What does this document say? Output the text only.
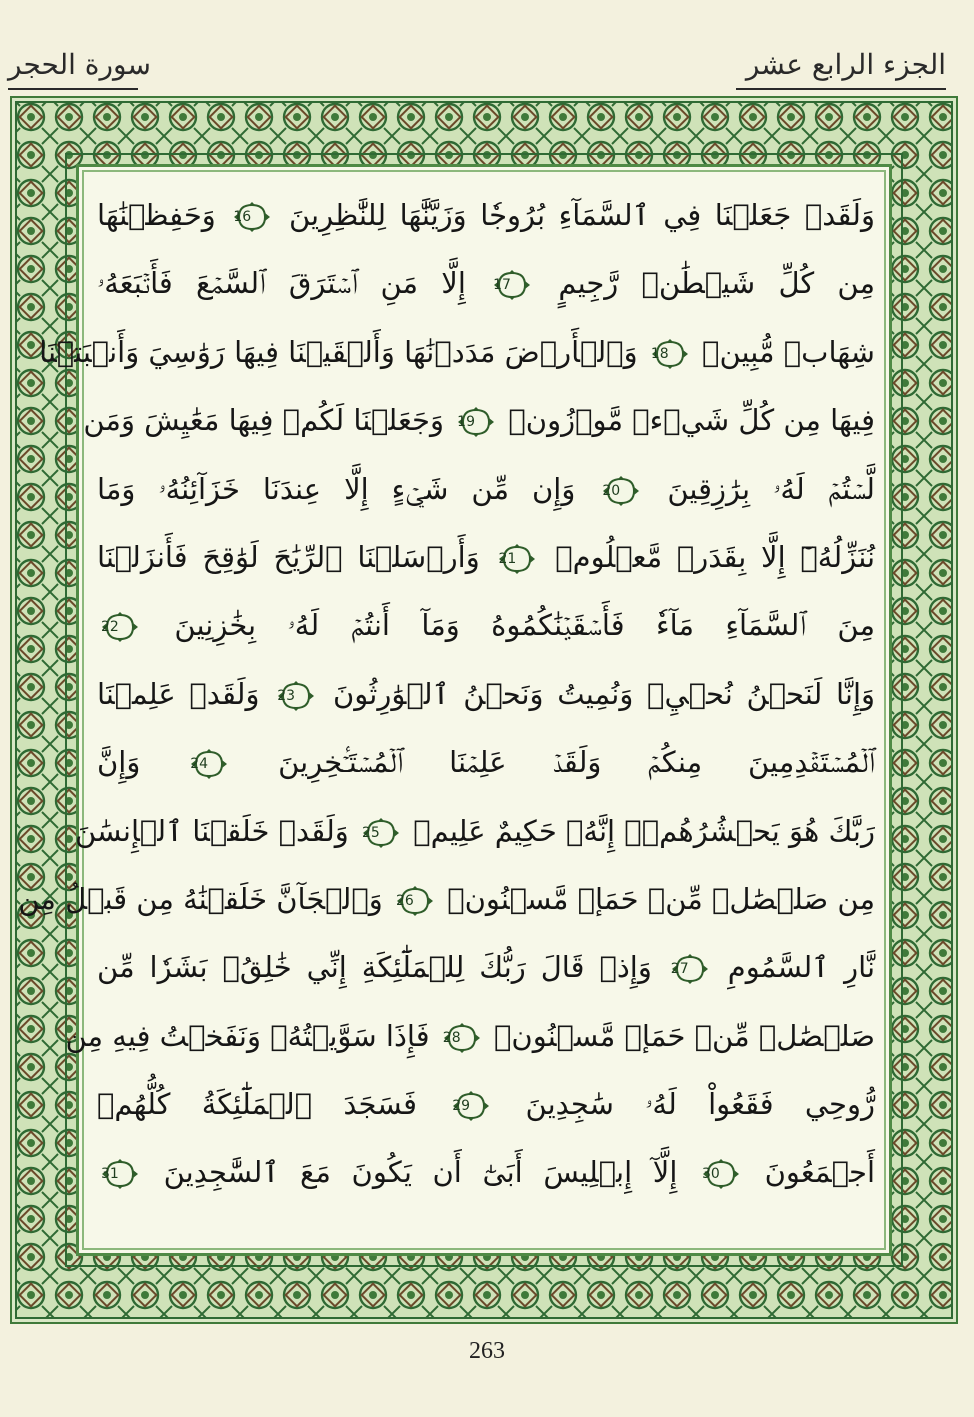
الجزء الرابع عشر
سورة الحجر
وَلَقَدۡ جَعَلۡنَا فِي ٱلسَّمَآءِ بُرُوجٗا وَزَيَّنَّٰهَا لِلنَّٰظِرِينَ
16 وَحَفِظۡنَٰهَا
مِن كُلِّ شَيۡطَٰنٖ رَّجِيمٍ
17 إِلَّا مَنِ ٱسۡتَرَقَ ٱلسَّمۡعَ فَأَتۡبَعَهُۥ
شِهَابٞ مُّبِينٞ
18 وَٱلۡأَرۡضَ مَدَدۡنَٰهَا وَأَلۡقَيۡنَا فِيهَا رَوَٰسِيَ وَأَنۢبَتۡنَا
فِيهَا مِن كُلِّ شَيۡءٖ مَّوۡزُونٖ
19 وَجَعَلۡنَا لَكُمۡ فِيهَا مَعَٰيِشَ وَمَن
لَّسۡتُمۡ لَهُۥ بِرَٰزِقِينَ
20 وَإِن مِّن شَيۡءٍ إِلَّا عِندَنَا خَزَآئِنُهُۥ وَمَا
نُنَزِّلُهُۥٓ إِلَّا بِقَدَرٖ مَّعۡلُومٖ
21 وَأَرۡسَلۡنَا ٱلرِّيَٰحَ لَوَٰقِحَ فَأَنزَلۡنَا
مِنَ ٱلسَّمَآءِ مَآءٗ فَأَسۡقَيۡنَٰكُمُوهُ وَمَآ أَنتُمۡ لَهُۥ بِخَٰزِنِينَ
22
وَإِنَّا لَنَحۡنُ نُحۡيِۦ وَنُمِيتُ وَنَحۡنُ ٱلۡوَٰرِثُونَ
23 وَلَقَدۡ عَلِمۡنَا
ٱلۡمُسۡتَقۡدِمِينَ مِنكُمۡ وَلَقَدۡ عَلِمۡنَا ٱلۡمُسۡتَـٔۡخِرِينَ
24 وَإِنَّ
رَبَّكَ هُوَ يَحۡشُرُهُمۡۚ إِنَّهُۥ حَكِيمٌ عَلِيمٞ
25 وَلَقَدۡ خَلَقۡنَا ٱلۡإِنسَٰنَ
مِن صَلۡصَٰلٖ مِّنۡ حَمَإٖ مَّسۡنُونٖ
26 وَٱلۡجَآنَّ خَلَقۡنَٰهُ مِن قَبۡلُ مِن
نَّارِ ٱلسَّمُومِ
27 وَإِذۡ قَالَ رَبُّكَ لِلۡمَلَٰٓئِكَةِ إِنِّي خَٰلِقُۢ بَشَرٗا مِّن
صَلۡصَٰلٖ مِّنۡ حَمَإٖ مَّسۡنُونٖ
28 فَإِذَا سَوَّيۡتُهُۥ وَنَفَخۡتُ فِيهِ مِن
رُّوحِي فَقَعُواْ لَهُۥ سَٰجِدِينَ
29 فَسَجَدَ ٱلۡمَلَٰٓئِكَةُ كُلُّهُمۡ
أَجۡمَعُونَ
30 إِلَّآ إِبۡلِيسَ أَبَىٰٓ أَن يَكُونَ مَعَ ٱلسَّٰجِدِينَ
31
263
